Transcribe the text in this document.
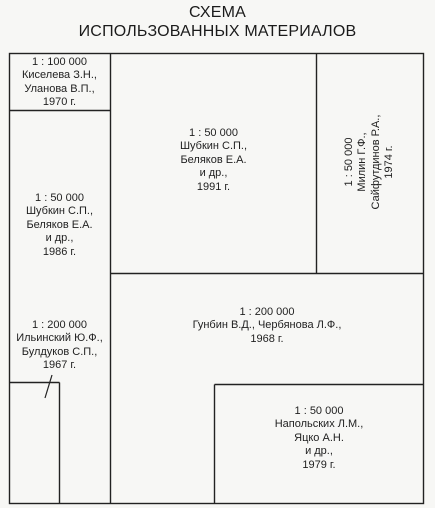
СХЕМА
ИСПОЛЬЗОВАННЫХ МАТЕРИАЛОВ
1 : 100 000
Киселева З.Н.,
Уланова В.П.,
1970 г.
1 : 50 000
Шубкин С.П.,
Беляков Е.А.
и др.,
1986 г.
1 : 200 000
Ильинский Ю.Ф.,
Булдуков С.П.,
1967 г.
1 : 50 000
Шубкин С.П.,
Беляков Е.А.
и др.,
1991 г.
1 : 50 000 Милин Г.Ф., Сайфутдинов Р.А., 1974 г.
1 : 200 000
Гунбин В.Д., Чербянова Л.Ф.,
1968 г.
1 : 50 000
Напольских Л.М.,
Яцко А.Н.
и др.,
1979 г.
